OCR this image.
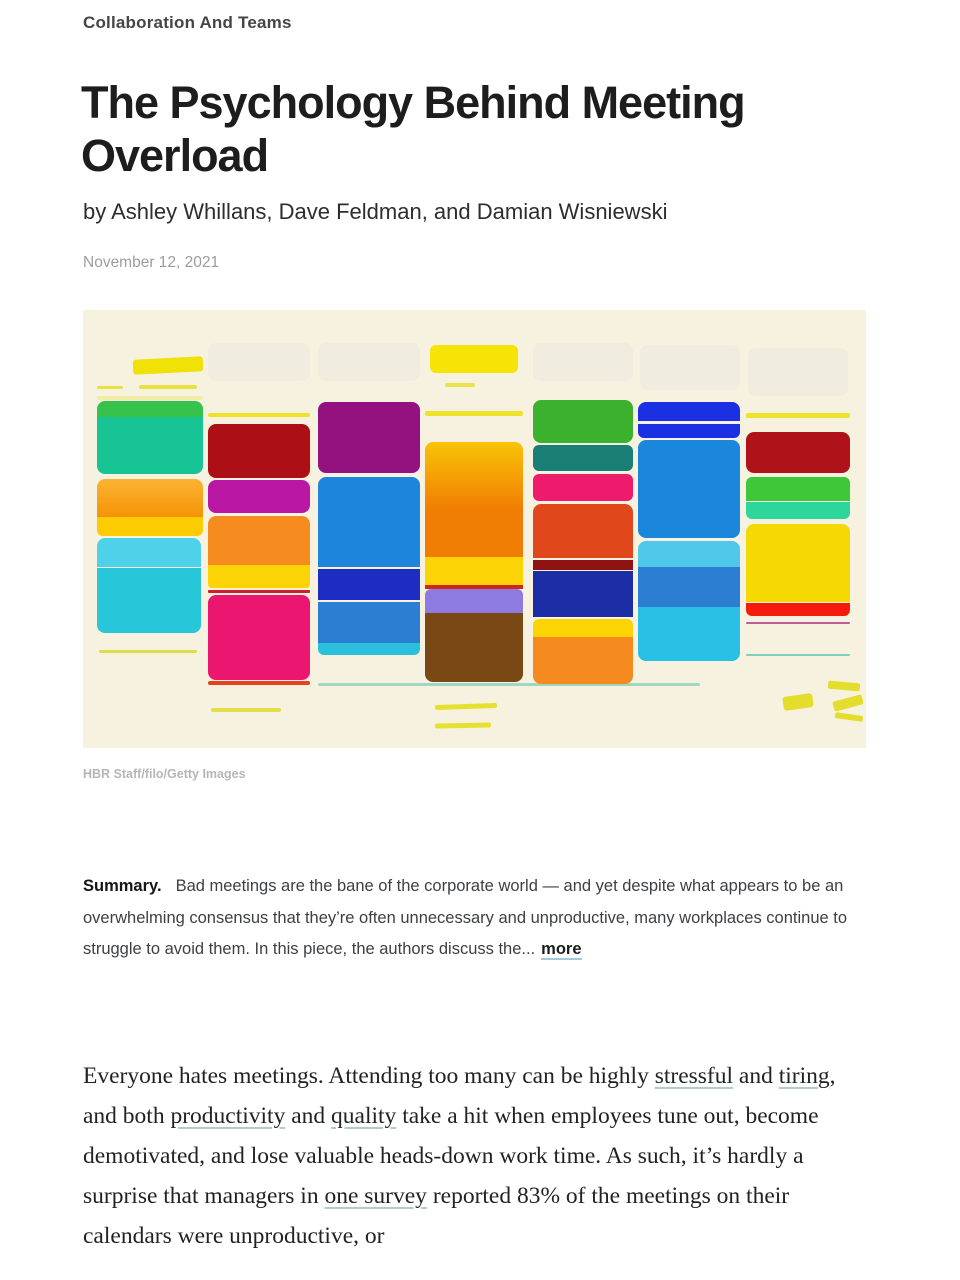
Collaboration And Teams
The Psychology Behind Meeting Overload
by Ashley Whillans, Dave Feldman, and Damian Wisniewski
November 12, 2021
HBR Staff/filo/Getty Images

Summary. Bad meetings are the bane of the corporate world — and yet despite what appears to be an overwhelming consensus that they’re often unnecessary and unproductive, many workplaces continue to struggle to avoid them. In this piece, the authors discuss the... more

Everyone hates meetings. Attending too many can be highly stressful and tiring, and both productivity and quality take a hit when employees tune out, become demotivated, and lose valuable heads-down work time. As such, it’s hardly a surprise that managers in one survey reported 83% of the meetings on their calendars were unproductive, or
